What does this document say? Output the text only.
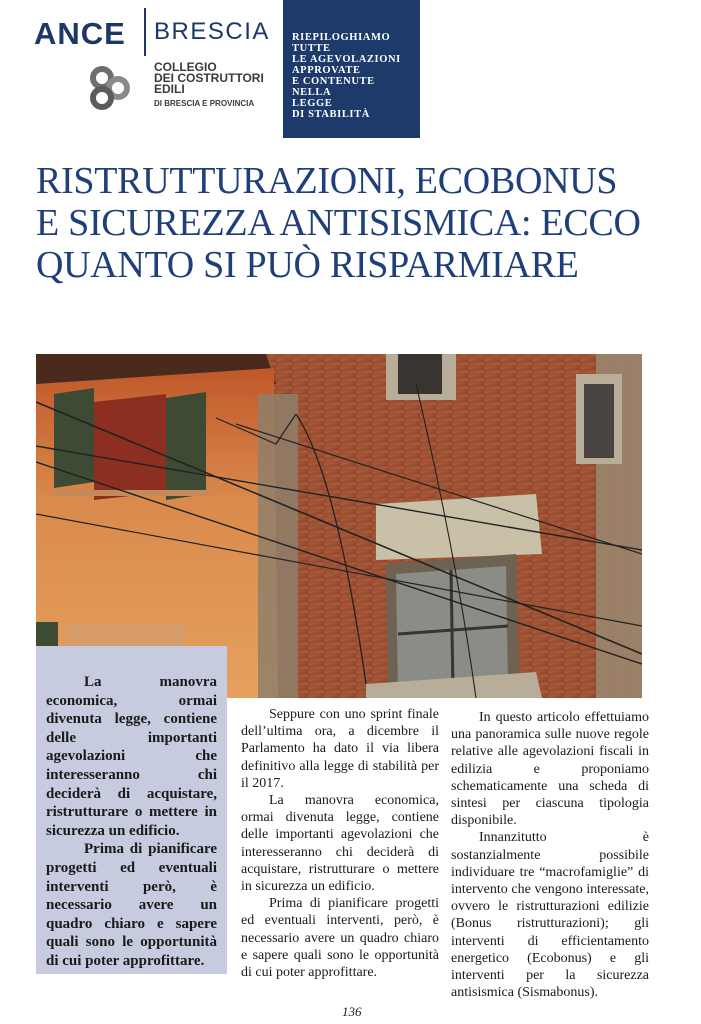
ANCE BRESCIA
COLLEGIO
DEI COSTRUTTORI
EDILI
DI BRESCIA E PROVINCIA
RIEPILOGHIAMO
TUTTE
LE AGEVOLAZIONI
APPROVATE
E CONTENUTE
NELLA
LEGGE
DI STABILITÀ
RISTRUTTURAZIONI, ECOBONUS
E SICUREZZA ANTISISMICA: ECCO
QUANTO SI PUÒ RISPARMIARE

La manovra economica, ormai divenuta legge, contiene delle importanti agevolazioni che interesseranno chi deciderà di acquistare, ristrutturare o mettere in sicurezza un edificio.

Prima di pianificare progetti ed eventuali interventi però, è necessario avere un quadro chiaro e sapere quali sono le opportunità di cui poter approfittare.

Seppure con uno sprint finale dell’ultima ora, a dicembre il Parlamento ha dato il via libera definitivo alla legge di stabilità per il 2017.

La manovra economica, ormai divenuta legge, contiene delle importanti agevolazioni che interesseranno chi deciderà di acquistare, ristrutturare o mettere in sicurezza un edificio.

Prima di pianificare progetti ed eventuali interventi, però, è necessario avere un quadro chiaro e sapere quali sono le opportunità di cui poter approfittare.

In questo articolo effettuiamo una panoramica sulle nuove regole relative alle agevolazioni fiscali in edilizia e proponiamo schematicamente una scheda di sintesi per ciascuna tipologia disponibile.

Innanzitutto è sostanzialmente possibile individuare tre “macrofamiglie” di intervento che vengono interessate, ovvero le ristrutturazioni edilizie (Bonus ristrutturazioni); gli interventi di efficientamento energetico (Ecobonus) e gli interventi per la sicurezza antisismica (Sismabonus).

136
